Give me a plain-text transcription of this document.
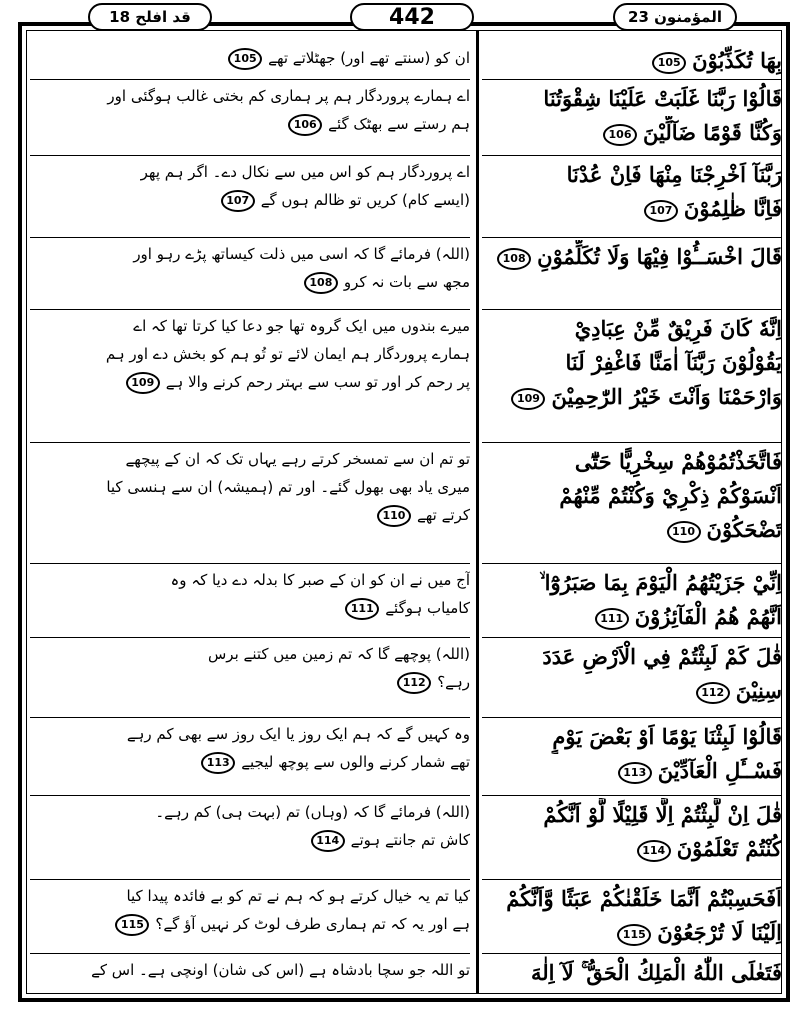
قد افلح 18	442	المؤمنون 23
بِهَا تُكَذِّبُوْنَ105
قَالُوْا رَبَّنَا غَلَبَتْ عَلَيْنَا شِقْوَتُنَا
وَكُنَّا قَوْمًا ضَآلِّيْنَ106
رَبَّنَآ اَخْرِجْنَا مِنْهَا فَاِنْ عُدْنَا
فَاِنَّا ظٰلِمُوْنَ107
قَالَ اخْسَــُٔوْا فِيْهَا وَلَا تُكَلِّمُوْنِ108
اِنَّهٗ كَانَ فَرِيْقٌ مِّنْ عِبَادِيْ
يَقُوْلُوْنَ رَبَّنَآ اٰمَنَّا فَاغْفِرْ لَنَا
وَارْحَمْنَا وَاَنْتَ خَيْرُ الرّٰحِمِيْنَ109
فَاتَّخَذْتُمُوْهُمْ سِخْرِيًّا حَتّٰٓى
اَنْسَوْكُمْ ذِكْرِيْ وَكُنْتُمْ مِّنْهُمْ
تَضْحَكُوْنَ110
اِنِّيْ جَزَيْتُهُمُ الْيَوْمَ بِمَا صَبَرُوْٓا ۙ
اَنَّهُمْ هُمُ الْفَآئِزُوْنَ111
قٰلَ كَمْ لَبِثْتُمْ فِي الْاَرْضِ عَدَدَ
سِنِيْنَ112
قَالُوْا لَبِثْنَا يَوْمًا اَوْ بَعْضَ يَوْمٍ
فَسْــَٔلِ الْعَآدِّيْنَ113
قٰلَ اِنْ لَّبِثْتُمْ اِلَّا قَلِيْلًا لَّوْ اَنَّكُمْ
كُنْتُمْ تَعْلَمُوْنَ114
اَفَحَسِبْتُمْ اَنَّمَا خَلَقْنٰكُمْ عَبَثًا وَّاَنَّكُمْ
اِلَيْنَا لَا تُرْجَعُوْنَ115
فَتَعٰلَى اللّٰهُ الْمَلِكُ الْحَقُّ ۚ لَآ اِلٰهَ
ان کو (سنتے تھے اور) جھٹلاتے تھے105
اے ہمارے پروردگار ہم پر ہماری کم بختی غالب ہوگئی اور
ہم رستے سے بھٹک گئے106
اے پروردگار ہم کو اس میں سے نکال دے۔ اگر ہم پھر
(ایسے کام) کریں تو ظالم ہوں گے107
(اللہ) فرمائے گا کہ اسی میں ذلت کیساتھ پڑے رہو اور
مجھ سے بات نہ کرو108
میرے بندوں میں ایک گروہ تھا جو دعا کیا کرتا تھا کہ اے
ہمارے پروردگار ہم ایمان لائے تو تُو ہم کو بخش دے اور ہم
پر رحم کر اور تو سب سے بہتر رحم کرنے والا ہے109
تو تم ان سے تمسخر کرتے رہے یہاں تک کہ ان کے پیچھے
میری یاد بھی بھول گئے۔ اور تم (ہمیشہ) ان سے ہنسی کیا
کرتے تھے110
آج میں نے ان کو ان کے صبر کا بدلہ دے دیا کہ وہ
کامیاب ہوگئے111
(اللہ) پوچھے گا کہ تم زمین میں کتنے برس
رہے؟112
وہ کہیں گے کہ ہم ایک روز یا ایک روز سے بھی کم رہے
تھے شمار کرنے والوں سے پوچھ لیجیے113
(اللہ) فرمائے گا کہ (وہاں) تم (بہت ہی) کم رہے۔
کاش تم جانتے ہوتے114
کیا تم یہ خیال کرتے ہو کہ ہم نے تم کو بے فائدہ پیدا کیا
ہے اور یہ کہ تم ہماری طرف لوٹ کر نہیں آؤ گے؟115
تو اللہ جو سچا بادشاہ ہے (اس کی شان) اونچی ہے۔ اس کے
